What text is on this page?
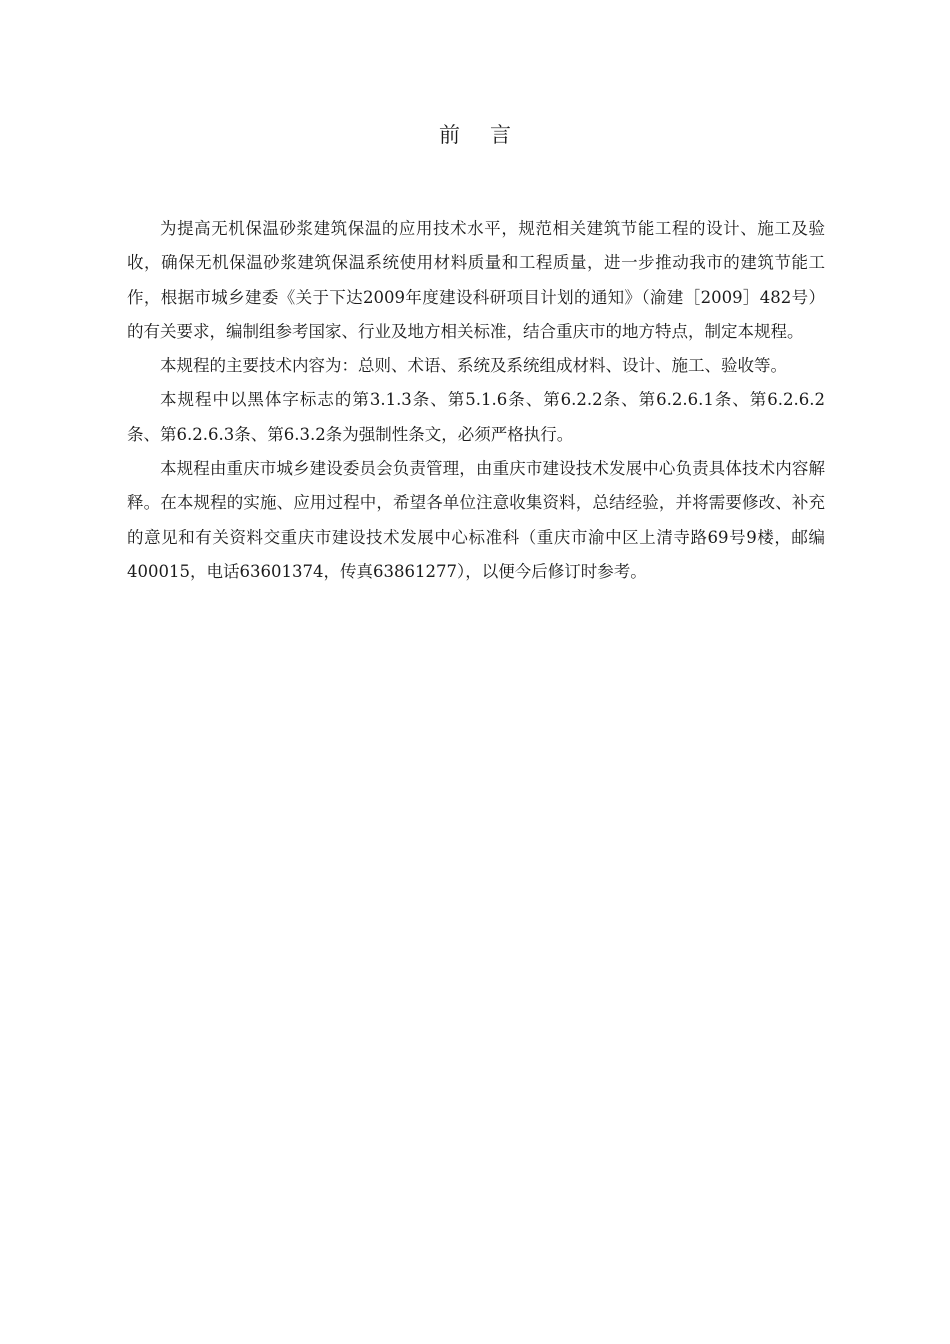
前言

为提高无机保温砂浆建筑保温的应用技术水平，规范相关建筑节能工程的设计、施工及验收，确保无机保温砂浆建筑保温系统使用材料质量和工程质量，进一步推动我市的建筑节能工作，根据市城乡建委《关于下达2009年度建设科研项目计划的通知》（渝建［2009］482号）的有关要求，编制组参考国家、行业及地方相关标准，结合重庆市的地方特点，制定本规程。

本规程的主要技术内容为：总则、术语、系统及系统组成材料、设计、施工、验收等。

本规程中以黑体字标志的第3.1.3条、第5.1.6条、第6.2.2条、第6.2.6.1条、第6.2.6.2条、第6.2.6.3条、第6.3.2条为强制性条文，必须严格执行。

本规程由重庆市城乡建设委员会负责管理，由重庆市建设技术发展中心负责具体技术内容解释。在本规程的实施、应用过程中，希望各单位注意收集资料，总结经验，并将需要修改、补充的意见和有关资料交重庆市建设技术发展中心标准科（重庆市渝中区上清寺路69号9楼，邮编400015，电话63601374，传真63861277），以便今后修订时参考。
